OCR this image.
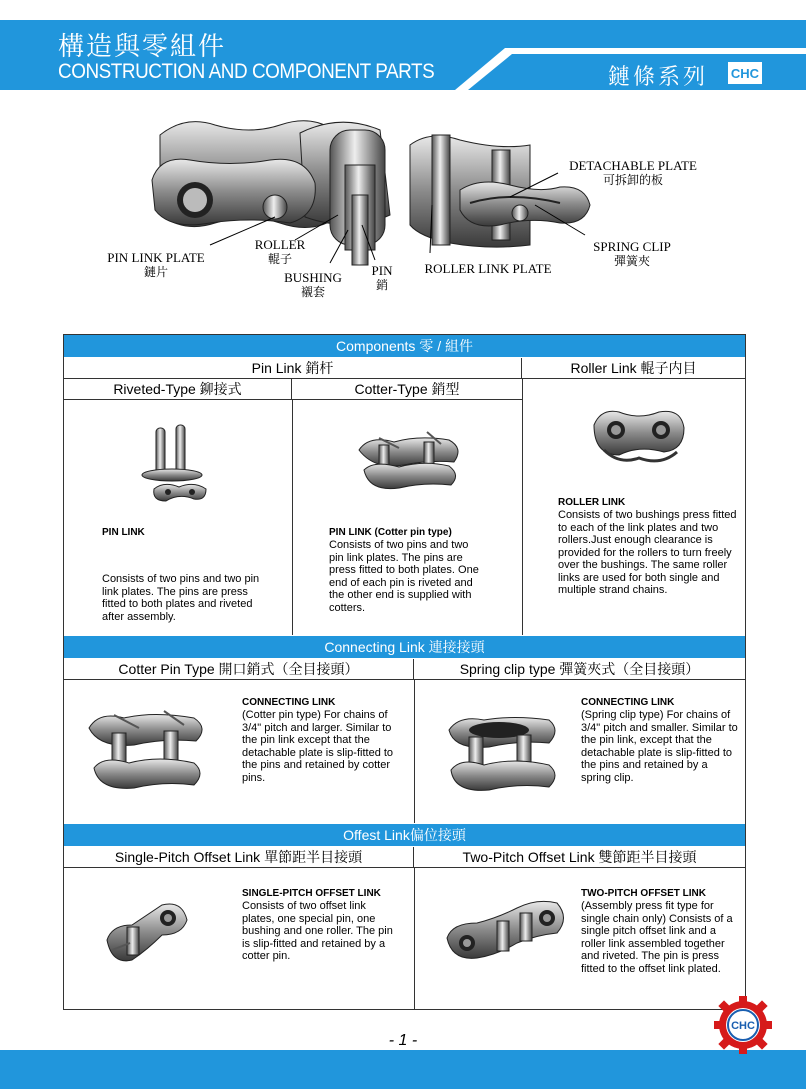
構造與零組件
CONSTRUCTION AND COMPONENT PARTS	鏈條系列 CHC
DETACHABLE PLATE
可拆卸的板
SPRING CLIP
彈簧夾
PIN LINK PLATE
鏈片
ROLLER
輥子
BUSHING
襯套
PIN
銷
ROLLER LINK PLATE
Components 零 / 組件
Pin Link 銷杆	Roller Link 輥子内目
Riveted-Type 鉚接式	Cotter-Type 銷型
PIN LINK
Consists of two pins and two pin link plates. The pins are press fitted to both plates and riveted after assembly.
PIN LINK (Cotter pin type)
Consists of two pins and two pin link plates. The pins are press fitted to both plates. One end of each pin is riveted and the other end is supplied with cotters.
ROLLER LINK
Consists of two bushings press fitted to each of the link plates and two rollers.Just enough clearance is provided for the rollers to turn freely over the bushings. The same roller links are used for both single and multiple strand chains.
Connecting Link 連接接頭
Cotter Pin Type 開口銷式（全目接頭）	Spring clip type 彈簧夾式（全目接頭）
CONNECTING LINK
(Cotter pin type) For chains of 3/4" pitch and larger. Similar to the pin link except that the detachable plate is slip-fitted to the pins and retained by cotter pins.
CONNECTING LINK
(Spring clip type) For chains of 3/4" pitch and smaller. Similar to the pin link, except that the detachable plate is slip-fitted to the pins and retained by a spring clip.
Offest Link偏位接頭
Single-Pitch Offset Link 單節距半目接頭	Two-Pitch Offset Link 雙節距半目接頭
SINGLE-PITCH OFFSET LINK
Consists of two offset link plates, one special pin, one bushing and one roller. The pin is slip-fitted and retained by a cotter pin.
TWO-PITCH OFFSET LINK
(Assembly press fit type for single chain only) Consists of a single pitch offset link and a roller link assembled together and riveted. The pin is press fitted to the offset link plated.
- 1 -
CHC
